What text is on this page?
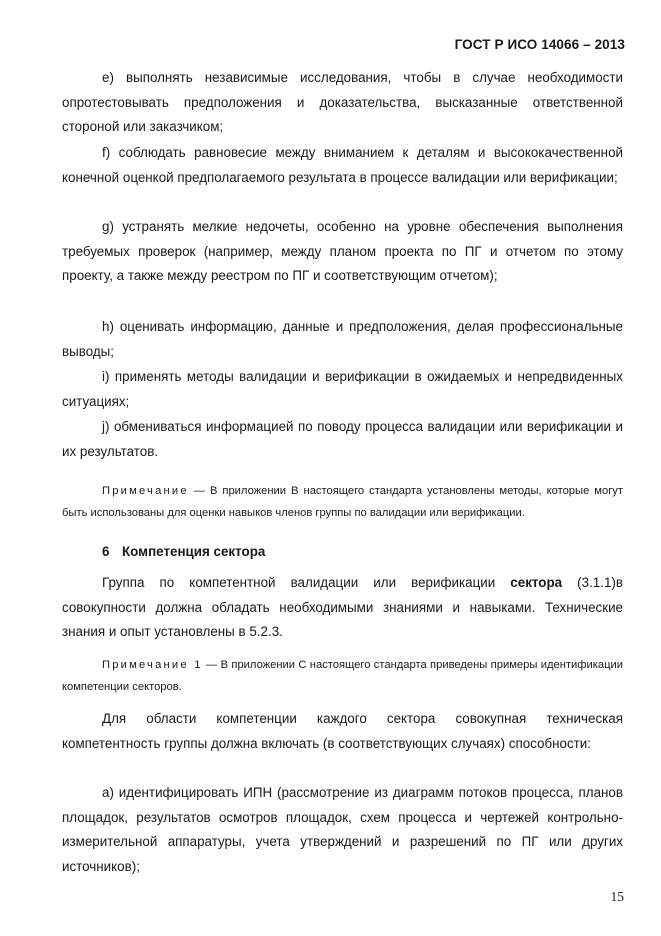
ГОСТ Р ИСО 14066 – 2013

е) выполнять независимые исследования, чтобы в случае необходимости опротестовывать предположения и доказательства, высказанные ответственной стороной или заказчиком;

f) соблюдать равновесие между вниманием к деталям и высококачественной конечной оценкой предполагаемого результата в процессе валидации или верификации;

g) устранять мелкие недочеты, особенно на уровне обеспечения выполнения требуемых проверок (например, между планом проекта по ПГ и отчетом по этому проекту, а также между реестром по ПГ и соответствующим отчетом);

h) оценивать информацию, данные и предположения, делая профессиональные выводы;

i) применять методы валидации и верификации в ожидаемых и непредвиденных ситуациях;

j) обмениваться информацией по поводу процесса валидации или верификации и их результатов.

Примечание — В приложении В настоящего стандарта установлены методы, которые могут быть использованы для оценки навыков членов группы по валидации или верификации.

6 Компетенция сектора

Группа по компетентной валидации или верификации сектора (3.1.1)в совокупности должна обладать необходимыми знаниями и навыками. Технические знания и опыт установлены в 5.2.3.

Примечание 1 — В приложении С настоящего стандарта приведены примеры идентификации компетенции секторов.

Для области компетенции каждого сектора совокупная техническая компетентность группы должна включать (в соответствующих случаях) способности:

а) идентифицировать ИПН (рассмотрение из диаграмм потоков процесса, планов площадок, результатов осмотров площадок, схем процесса и чертежей контрольно-измерительной аппаратуры, учета утверждений и разрешений по ПГ или других источников);

15
